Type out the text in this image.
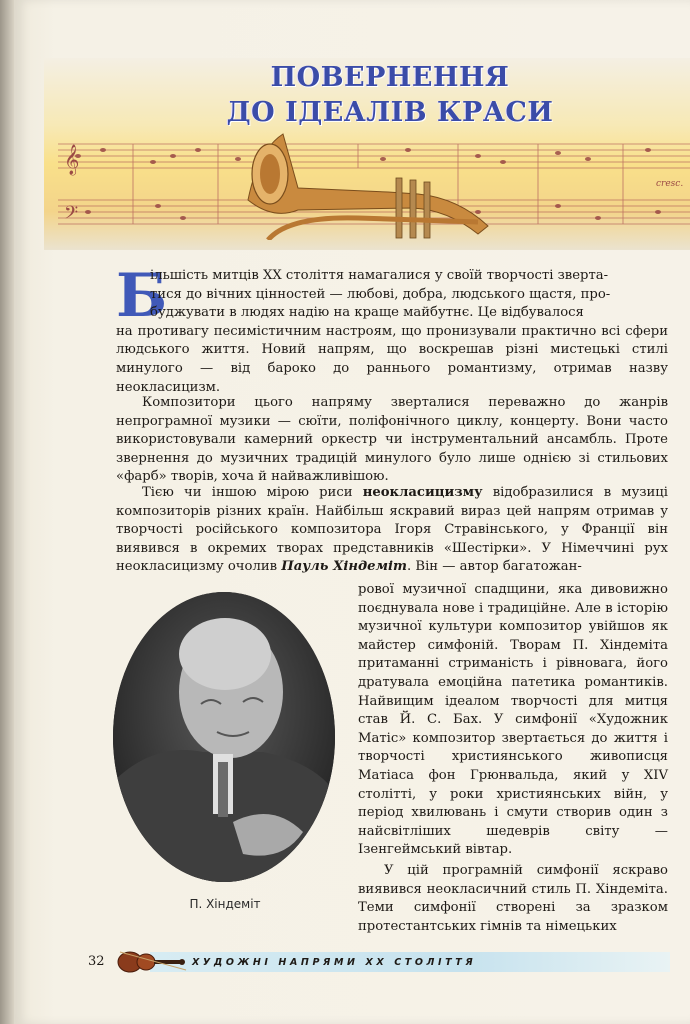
𝄞
𝄢
cresc.
ПОВЕРНЕННЯ
ДО ІДЕАЛІВ КРАСИ
Б
ільшість митців XX століття намагалися у своїй творчості зверта-
тися до вічних цінностей — любові, добра, людського щастя, про-
буджувати в людях надію на краще майбутнє. Це відбувалося
на противагу песимістичним настроям, що пронизували практично всі сфери людського життя. Новий напрям, що воскрешав різні мистецькі стилі минулого — від бароко до раннього романтизму, отримав назву неокласицизм.
Композитори цього напряму зверталися переважно до жанрів непрограмної музики — сюїти, поліфонічного циклу, концерту. Вони часто використовували камерний оркестр чи інструментальний ансамбль. Проте звернення до музичних традицій минулого було лише однією зі стильових «фарб» творів, хоча й найважливішою.
Тією чи іншою мірою риси неокласицизму відобразилися в музиці композиторів різних країн. Найбільш яскравий вираз цей напрям отримав у творчості російського композитора Ігоря Стравінського, у Франції він виявився в окремих творах представників «Шестірки». У Німеччині рух неокласицизму очолив Пауль Хіндеміт. Він — автор багатожан-
рової музичної спадщини, яка дивовижно поєднувала нове і традиційне. Але в історію музичної культури композитор увійшов як майстер симфоній. Творам П. Хіндеміта притаманні стриманість і рівновага, його дратувала емоційна патетика романтиків. Найвищим ідеалом творчості для митця став Й. С. Бах. У симфонії «Художник Матіс» композитор звертається до життя і творчості християнського живописця Матіаса фон Грюнвальда, який у XIV столітті, у роки християнських війн, у період хвилювань і смути створив один з найсвітліших шедеврів світу — Ізенгеймський вівтар.
П. Хіндеміт
У цій програмній симфонії яскраво виявився неокласичний стиль П. Хіндеміта. Теми симфонії створені за зразком протестантських гімнів та німецьких
32	ХУДОЖНІ НАПРЯМИ XX СТОЛІТТЯ
